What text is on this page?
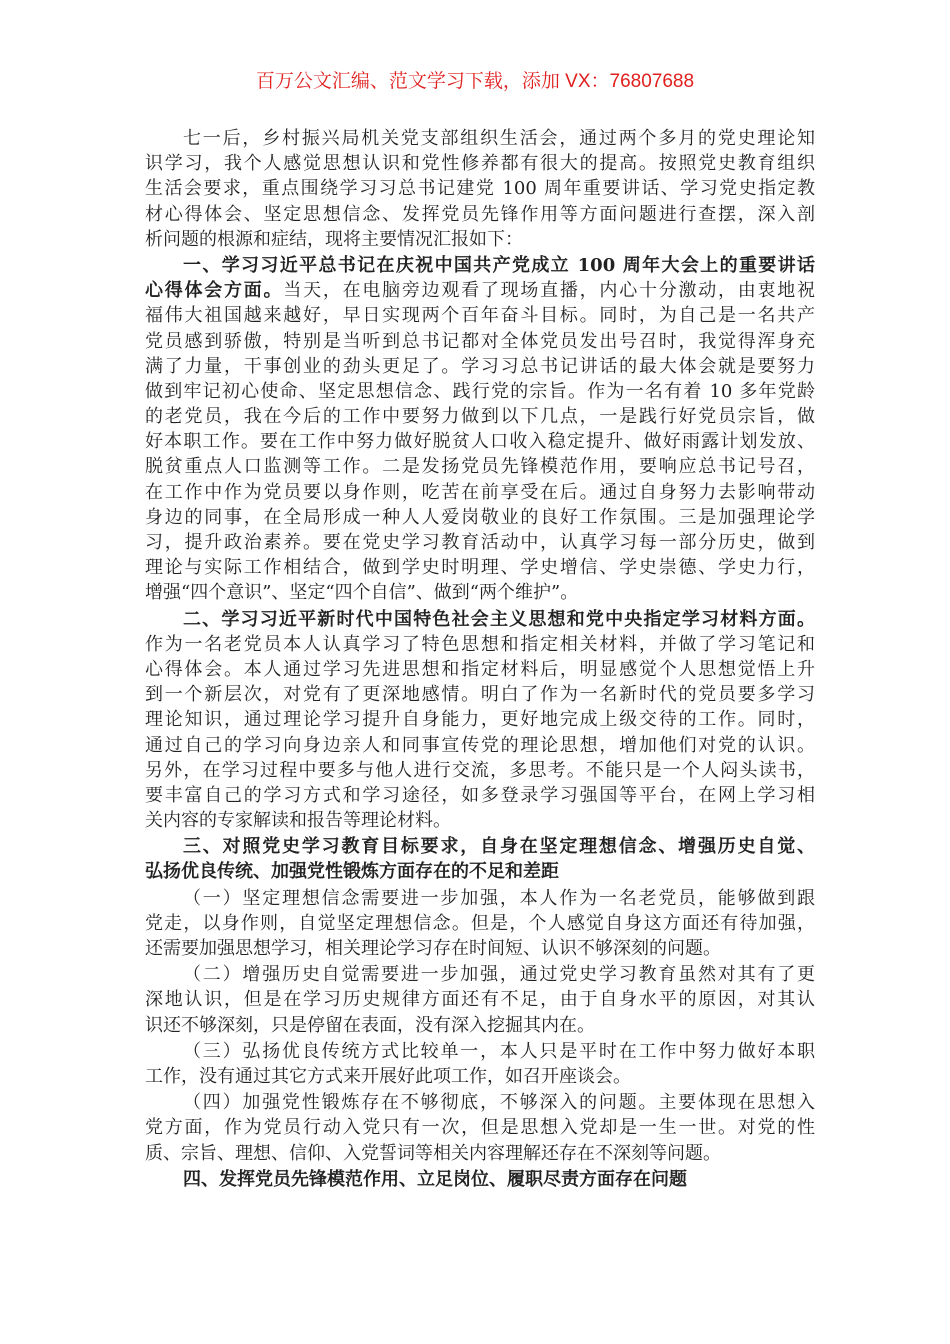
百万公文汇编、范文学习下载，添加 VX：76807688
七一后，乡村振兴局机关党支部组织生活会，通过两个多月的党史理论知
识学习，我个人感觉思想认识和党性修养都有很大的提高。按照党史教育组织
生活会要求，重点围绕学习习总书记建党 100 周年重要讲话、学习党史指定教
材心得体会、坚定思想信念、发挥党员先锋作用等方面问题进行查摆，深入剖
析问题的根源和症结，现将主要情况汇报如下：
一、学习习近平总书记在庆祝中国共产党成立 100 周年大会上的重要讲话
心得体会方面。当天，在电脑旁边观看了现场直播，内心十分激动，由衷地祝
福伟大祖国越来越好，早日实现两个百年奋斗目标。同时，为自己是一名共产
党员感到骄傲，特别是当听到总书记都对全体党员发出号召时，我觉得浑身充
满了力量，干事创业的劲头更足了。学习习总书记讲话的最大体会就是要努力
做到牢记初心使命、坚定思想信念、践行党的宗旨。作为一名有着 10 多年党龄
的老党员，我在今后的工作中要努力做到以下几点，一是践行好党员宗旨，做
好本职工作。要在工作中努力做好脱贫人口收入稳定提升、做好雨露计划发放、
脱贫重点人口监测等工作。二是发扬党员先锋模范作用，要响应总书记号召，
在工作中作为党员要以身作则，吃苦在前享受在后。通过自身努力去影响带动
身边的同事，在全局形成一种人人爱岗敬业的良好工作氛围。三是加强理论学
习，提升政治素养。要在党史学习教育活动中，认真学习每一部分历史，做到
理论与实际工作相结合，做到学史时明理、学史增信、学史崇德、学史力行，
增强“四个意识”、坚定“四个自信”、做到“两个维护”。
二、学习习近平新时代中国特色社会主义思想和党中央指定学习材料方面。
作为一名老党员本人认真学习了特色思想和指定相关材料，并做了学习笔记和
心得体会。本人通过学习先进思想和指定材料后，明显感觉个人思想觉悟上升
到一个新层次，对党有了更深地感情。明白了作为一名新时代的党员要多学习
理论知识，通过理论学习提升自身能力，更好地完成上级交待的工作。同时，
通过自己的学习向身边亲人和同事宣传党的理论思想，增加他们对党的认识。
另外，在学习过程中要多与他人进行交流，多思考。不能只是一个人闷头读书，
要丰富自己的学习方式和学习途径，如多登录学习强国等平台，在网上学习相
关内容的专家解读和报告等理论材料。
三、对照党史学习教育目标要求，自身在坚定理想信念、增强历史自觉、
弘扬优良传统、加强党性锻炼方面存在的不足和差距
（一）坚定理想信念需要进一步加强，本人作为一名老党员，能够做到跟
党走，以身作则，自觉坚定理想信念。但是，个人感觉自身这方面还有待加强，
还需要加强思想学习，相关理论学习存在时间短、认识不够深刻的问题。
（二）增强历史自觉需要进一步加强，通过党史学习教育虽然对其有了更
深地认识，但是在学习历史规律方面还有不足，由于自身水平的原因，对其认
识还不够深刻，只是停留在表面，没有深入挖掘其内在。
（三）弘扬优良传统方式比较单一，本人只是平时在工作中努力做好本职
工作，没有通过其它方式来开展好此项工作，如召开座谈会。
（四）加强党性锻炼存在不够彻底，不够深入的问题。主要体现在思想入
党方面，作为党员行动入党只有一次，但是思想入党却是一生一世。对党的性
质、宗旨、理想、信仰、入党誓词等相关内容理解还存在不深刻等问题。
四、发挥党员先锋模范作用、立足岗位、履职尽责方面存在问题
